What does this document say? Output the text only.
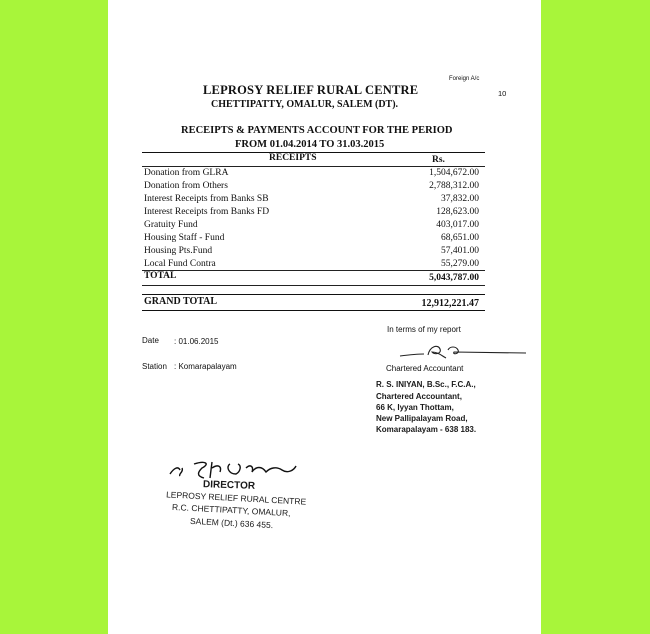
Foreign A/c
10
LEPROSY RELIEF RURAL CENTRE
CHETTIPATTY, OMALUR, SALEM (DT).
RECEIPTS & PAYMENTS ACCOUNT FOR THE PERIOD
FROM 01.04.2014 TO 31.03.2015
RECEIPTS	Rs.
Donation from GLRA	1,504,672.00
Donation from Others	2,788,312.00
Interest Receipts from Banks SB	37,832.00
Interest Receipts from Banks FD	128,623.00
Gratuity Fund	403,017.00
Housing Staff - Fund	68,651.00
Housing Pts.Fund	57,401.00
Local Fund Contra	55,279.00
TOTAL	5,043,787.00
GRAND TOTAL	12,912,221.47
In terms of my report
Date : 01.06.2015
Station : Komarapalayam	Chartered Accountant
R. S. INIYAN, B.Sc., F.C.A.,
Chartered Accountant,
66 K, Iyyan Thottam,
New Pallipalayam Road,
Komarapalayam - 638 183.
DIRECTOR
LEPROSY RELIEF RURAL CENTRE
R.C. CHETTIPATTY, OMALUR,
SALEM (Dt.) 636 455.
